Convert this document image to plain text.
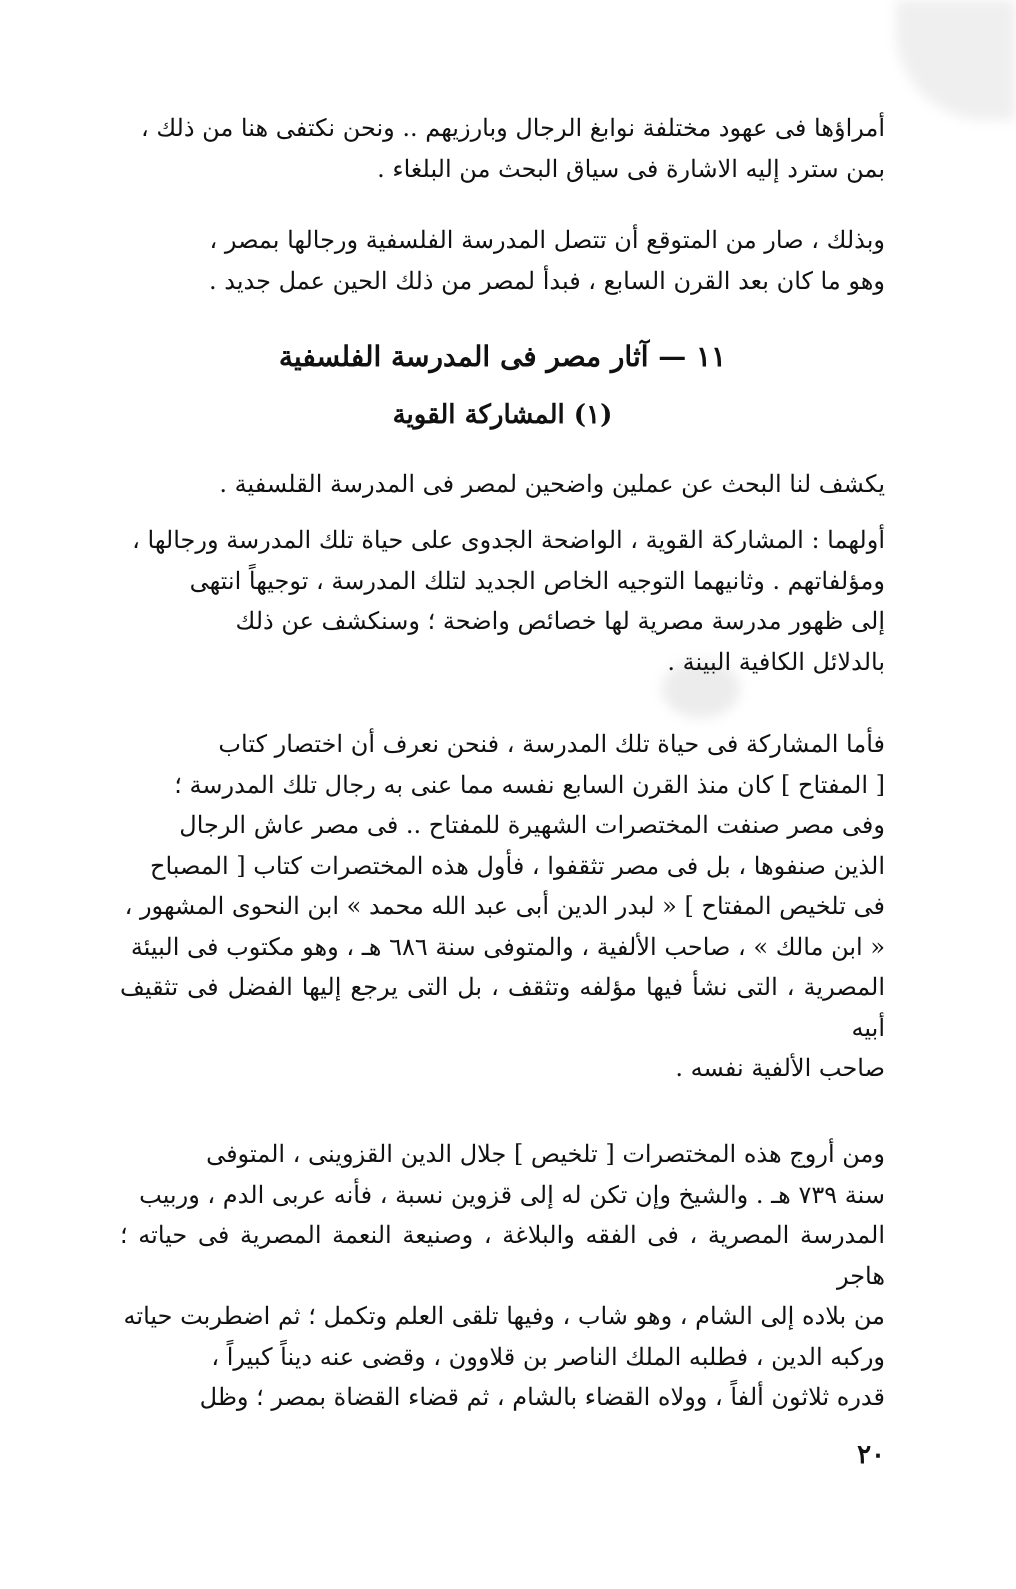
أمراؤها فى عهود مختلفة نوابغ الرجال وبارزيهم .. ونحن نكتفى هنا من ذلك ،

بمن سترد إليه الاشارة فى سياق البحث من البلغاء .

وبذلك ، صار من المتوقع أن تتصل المدرسة الفلسفية ورجالها بمصر ،

وهو ما كان بعد القرن السابع ، فبدأ لمصر من ذلك الحين عمل جديد .

١١ — آثار مصر فى المدرسة الفلسفية
(١) المشاركة القوية

يكشف لنا البحث عن عملين واضحين لمصر فى المدرسة القلسفية .

أولهما : المشاركة القوية ، الواضحة الجدوى على حياة تلك المدرسة ورجالها ،

ومؤلفاتهم . وثانيهما التوجيه الخاص الجديد لتلك المدرسة ، توجيهاً انتهى

إلى ظهور مدرسة مصرية لها خصائص واضحة ؛ وسنكشف عن ذلك

بالدلائل الكافية البينة .

فأما المشاركة فى حياة تلك المدرسة ، فنحن نعرف أن اختصار كتاب

[ المفتاح ] كان منذ القرن السابع نفسه مما عنى به رجال تلك المدرسة ؛

وفى مصر صنفت المختصرات الشهيرة للمفتاح .. فى مصر عاش الرجال

الذين صنفوها ، بل فى مصر تثقفوا ، فأول هذه المختصرات كتاب [ المصباح

فى تلخيص المفتاح ] « لبدر الدين أبى عبد الله محمد » ابن النحوى المشهور ،

« ابن مالك » ، صاحب الألفية ، والمتوفى سنة ٦٨٦ هـ ، وهو مكتوب فى البيئة

المصرية ، التى نشأ فيها مؤلفه وتثقف ، بل التى يرجع إليها الفضل فى تثقيف أبيه

صاحب الألفية نفسه .

ومن أروج هذه المختصرات [ تلخيص ] جلال الدين القزوينى ، المتوفى

سنة ٧٣٩ هـ . والشيخ وإن تكن له إلى قزوين نسبة ، فأنه عربى الدم ، وربيب

المدرسة المصرية ، فى الفقه والبلاغة ، وصنيعة النعمة المصرية فى حياته ؛ هاجر

من بلاده إلى الشام ، وهو شاب ، وفيها تلقى العلم وتكمل ؛ ثم اضطربت حياته

وركبه الدين ، فطلبه الملك الناصر بن قلاوون ، وقضى عنه ديناً كبيراً ،

قدره ثلاثون ألفاً ، وولاه القضاء بالشام ، ثم قضاء القضاة بمصر ؛ وظل

٢٠
